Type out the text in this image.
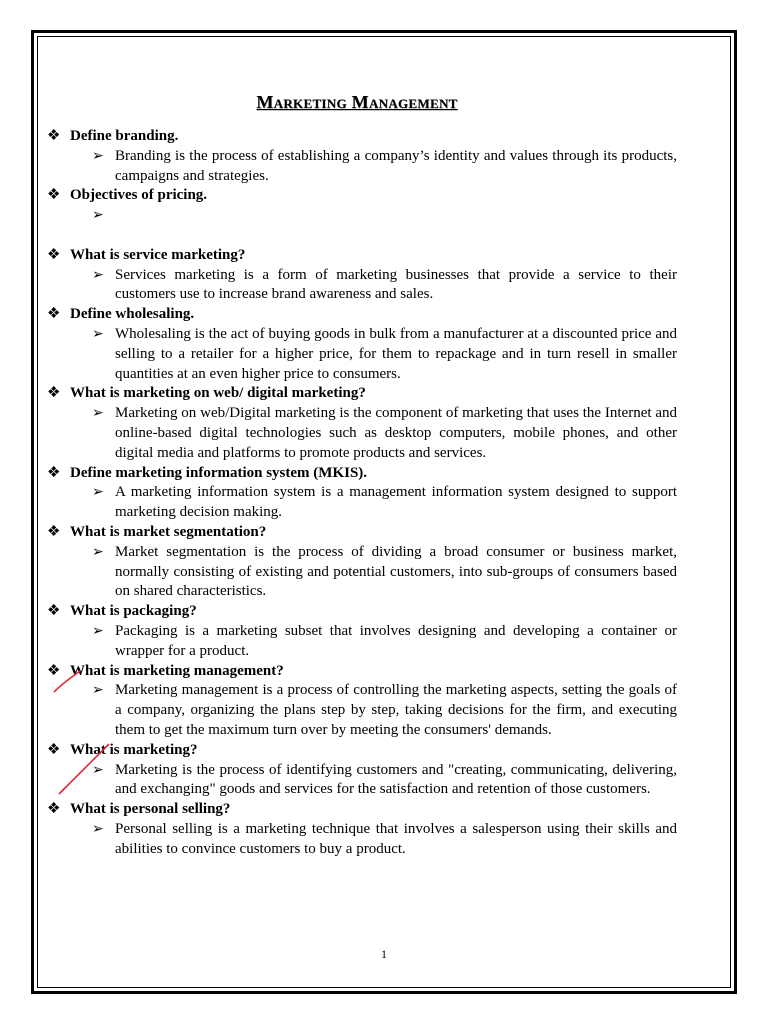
Marketing Management

❖ Define branding.

➢ Branding is the process of establishing a company’s identity and values through its products, campaigns and strategies.

❖ Objectives of pricing.

➢

❖ What is service marketing?

➢ Services marketing is a form of marketing businesses that provide a service to their customers use to increase brand awareness and sales.

❖ Define wholesaling.

➢ Wholesaling is the act of buying goods in bulk from a manufacturer at a discounted price and selling to a retailer for a higher price, for them to repackage and in turn resell in smaller quantities at an even higher price to consumers.

❖ What is marketing on web/ digital marketing?

➢ Marketing on web/Digital marketing is the component of marketing that uses the Internet and online-based digital technologies such as desktop computers, mobile phones, and other digital media and platforms to promote products and services.

❖ Define marketing information system (MKIS).

➢ A marketing information system is a management information system designed to support marketing decision making.

❖ What is market segmentation?

➢ Market segmentation is the process of dividing a broad consumer or business market, normally consisting of existing and potential customers, into sub-groups of consumers based on shared characteristics.

❖ What is packaging?

➢ Packaging is a marketing subset that involves designing and developing a container or wrapper for a product.

❖ What is marketing management?

➢ Marketing management is a process of controlling the marketing aspects, setting the goals of a company, organizing the plans step by step, taking decisions for the firm, and executing them to get the maximum turn over by meeting the consumers' demands.

❖ What is marketing?

➢ Marketing is the process of identifying customers and "creating, communicating, delivering, and exchanging" goods and services for the satisfaction and retention of those customers.

❖ What is personal selling?

➢ Personal selling is a marketing technique that involves a salesperson using their skills and abilities to convince customers to buy a product.

1
